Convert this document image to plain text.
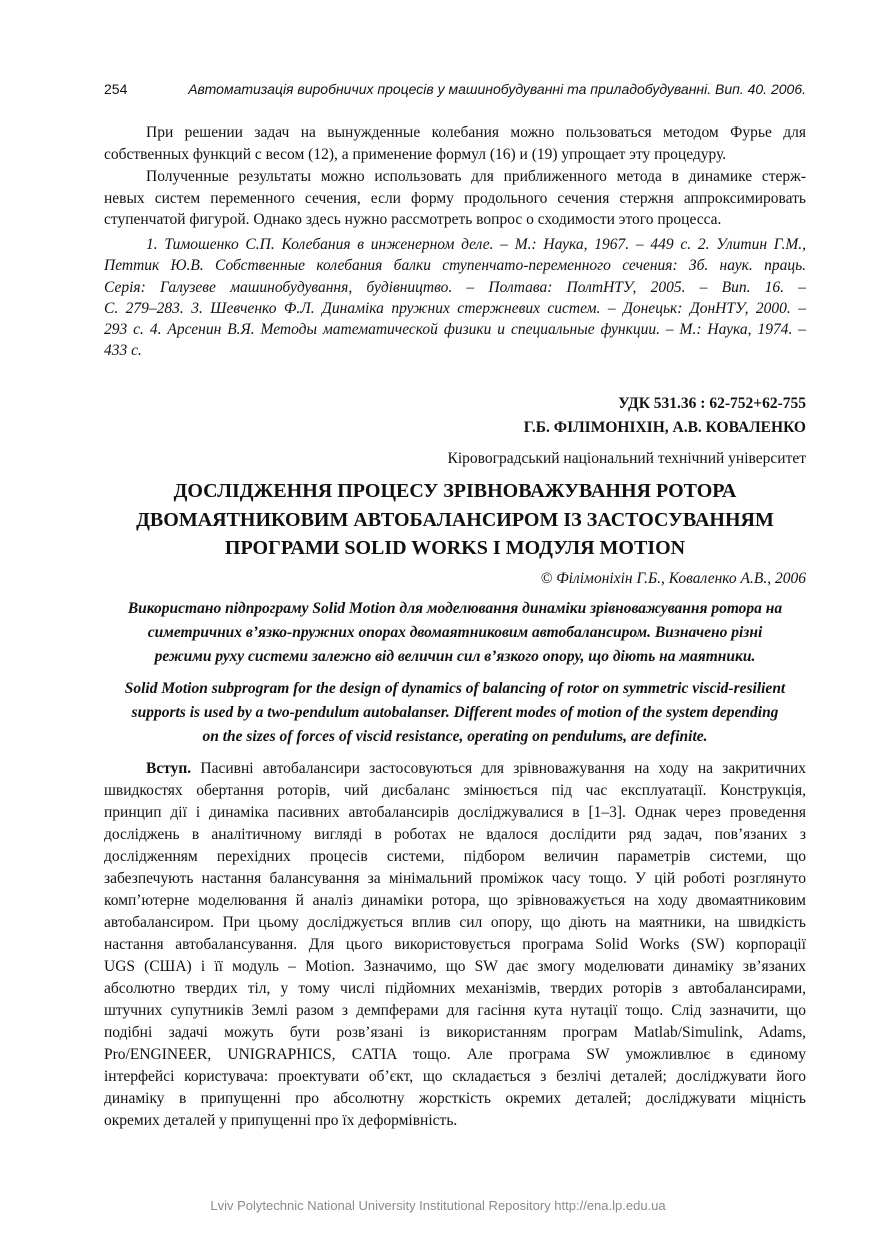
254	Автоматизація виробничих процесів у машинобудуванні та приладобудуванні. Вип. 40. 2006.
При решении задач на вынужденные колебания можно пользоваться методом Фурье для
собственных функций с весом (12), а применение формул (16) и (19) упрощает эту процедуру.
Полученные результаты можно использовать для приближенного метода в динамике стерж-
невых систем переменного сечения, если форму продольного сечения стержня аппроксимировать
ступенчатой фигурой. Однако здесь нужно рассмотреть вопрос о сходимости этого процесса.
1. Тимошенко С.П. Колебания в инженерном деле. – М.: Наука, 1967. – 449 с. 2. Улитин Г.М.,
Петтик Ю.В. Собственные колебания балки ступенчато-переменного сечения: Зб. наук. праць.
Серія: Галузеве машинобудування, будівництво. – Полтава: ПолтНТУ, 2005. – Вип. 16. –
С. 279–283. 3. Шевченко Ф.Л. Динаміка пружних стержневих систем. – Донецьк: ДонНТУ, 2000. –
293 с. 4. Арсенин В.Я. Методы математической физики и специальные функции. – М.: Наука, 1974. –
433 с.
УДК 531.36 : 62-752+62-755
Г.Б. ФІЛІМОНІХІН, А.В. КОВАЛЕНКО
Кіровоградський національний технічний університет
ДОСЛІДЖЕННЯ ПРОЦЕСУ ЗРІВНОВАЖУВАННЯ РОТОРА
ДВОМАЯТНИКОВИМ АВТОБАЛАНСИРОМ ІЗ ЗАСТОСУВАННЯМ
ПРОГРАМИ SOLID WORKS І МОДУЛЯ MOTION
© Філімоніхін Г.Б., Коваленко А.В., 2006
Використано підпрограму Solid Motion для моделювання динаміки зрівноважування ротора на
симетричних в’язко-пружних опорах двомаятниковим автобалансиром. Визначено різні
режими руху системи залежно від величин сил в’язкого опору, що діють на маятники.
Solid Motion subprogram for the design of dynamics of balancing of rotor on symmetric viscid-resilient
supports is used by a two-pendulum autobalanser. Different modes of motion of the system depending
on the sizes of forces of viscid resistance, operating on pendulums, are definite.
Вступ. Пасивні автобалансири застосовуються для зрівноважування на ходу на закритичних
швидкостях обертання роторів, чий дисбаланс змінюється під час експлуатації. Конструкція,
принцип дії і динаміка пасивних автобалансирів досліджувалися в [1–3]. Однак через проведення
досліджень в аналітичному вигляді в роботах не вдалося дослідити ряд задач, пов’язаних з
дослідженням перехідних процесів системи, підбором величин параметрів системи, що
забезпечують настання балансування за мінімальний проміжок часу тощо. У цій роботі розглянуто
комп’ютерне моделювання й аналіз динаміки ротора, що зрівноважується на ходу двомаятниковим
автобалансиром. При цьому досліджується вплив сил опору, що діють на маятники, на швидкість
настання автобалансування. Для цього використовується програма Solid Works (SW) корпорації
UGS (США) і її модуль – Motion. Зазначимо, що SW дає змогу моделювати динаміку зв’язаних
абсолютно твердих тіл, у тому числі підйомних механізмів, твердих роторів з автобалансирами,
штучних супутників Землі разом з демпферами для гасіння кута нутації тощо. Слід зазначити, що
подібні задачі можуть бути розв’язані із використанням програм Matlab/Simulink, Adams,
Pro/ENGINEER, UNIGRAPHICS, CATIA тощо. Але програма SW уможливлює в єдиному
інтерфейсі користувача: проектувати об’єкт, що складається з безлічі деталей; досліджувати його
динаміку в припущенні про абсолютну жорсткість окремих деталей; досліджувати міцність
окремих деталей у припущенні про їх деформівність.
Lviv Polytechnic National University Institutional Repository http://ena.lp.edu.ua
